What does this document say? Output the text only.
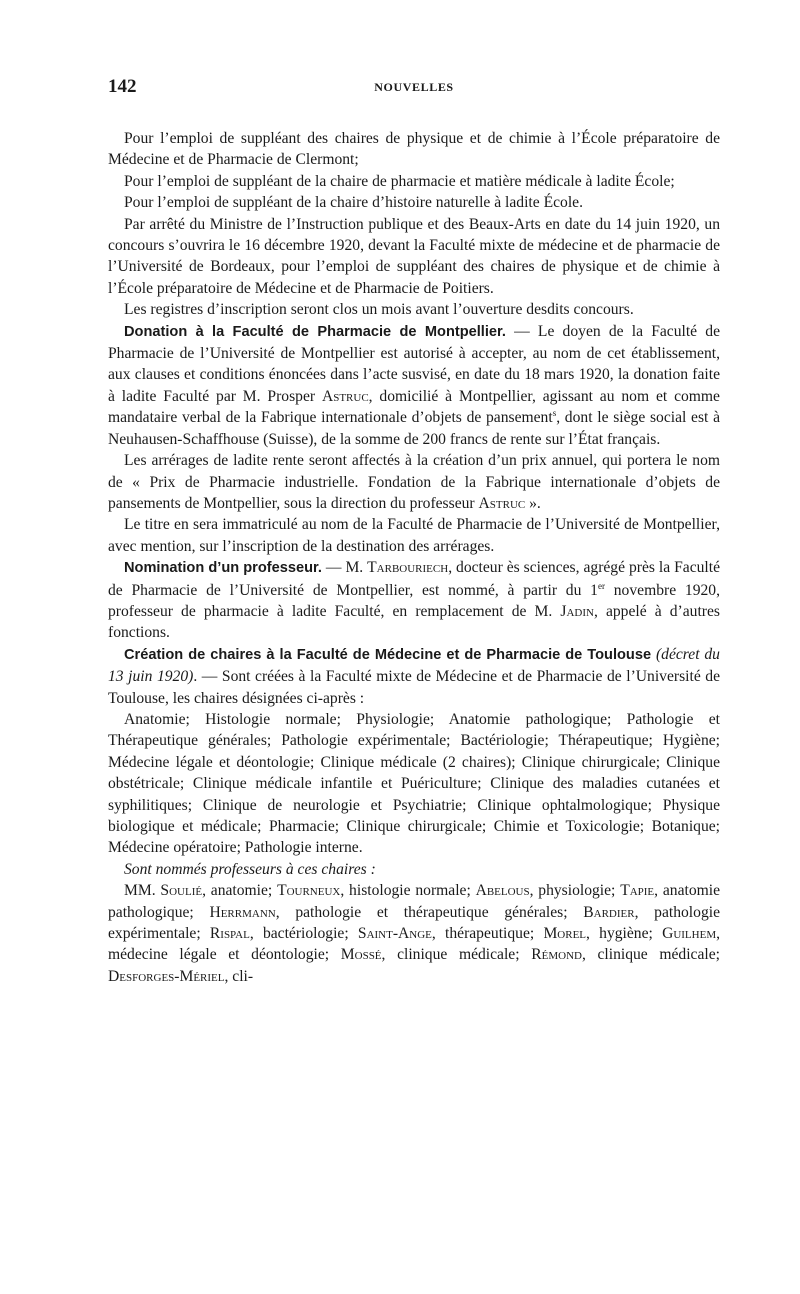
142	NOUVELLES

Pour l’emploi de suppléant des chaires de physique et de chimie à l’École préparatoire de Médecine et de Pharmacie de Clermont;

Pour l’emploi de suppléant de la chaire de pharmacie et matière médicale à ladite École;

Pour l’emploi de suppléant de la chaire d’histoire naturelle à ladite École.

Par arrêté du Ministre de l’Instruction publique et des Beaux-Arts en date du 14 juin 1920, un concours s’ouvrira le 16 décembre 1920, devant la Faculté mixte de médecine et de pharmacie de l’Université de Bordeaux, pour l’emploi de suppléant des chaires de physique et de chimie à l’École préparatoire de Médecine et de Pharmacie de Poitiers.

Les registres d’inscription seront clos un mois avant l’ouverture desdits concours.

Donation à la Faculté de Pharmacie de Montpellier. — Le doyen de la Faculté de Pharmacie de l’Université de Montpellier est autorisé à accepter, au nom de cet établissement, aux clauses et conditions énoncées dans l’acte susvisé, en date du 18 mars 1920, la donation faite à ladite Faculté par M. Prosper Astruc, domicilié à Montpellier, agissant au nom et comme mandataire verbal de la Fabrique internationale d’objets de pansement$^s$, dont le siège social est à Neuhausen-Schaffhouse (Suisse), de la somme de 200 francs de rente sur l’État français.

Les arrérages de ladite rente seront affectés à la création d’un prix annuel, qui portera le nom de « Prix de Pharmacie industrielle. Fondation de la Fabrique internationale d’objets de pansements de Montpellier, sous la direction du professeur Astruc ».

Le titre en sera immatriculé au nom de la Faculté de Pharmacie de l’Université de Montpellier, avec mention, sur l’inscription de la destination des arrérages.

Nomination d’un professeur. — M. Tarbouriech, docteur ès sciences, agrégé près la Faculté de Pharmacie de l’Université de Montpellier, est nommé, à partir du 1er novembre 1920, professeur de pharmacie à ladite Faculté, en remplacement de M. Jadin, appelé à d’autres fonctions.

Création de chaires à la Faculté de Médecine et de Pharmacie de Toulouse (décret du 13 juin 1920). — Sont créées à la Faculté mixte de Médecine et de Pharmacie de l’Université de Toulouse, les chaires désignées ci-après :

Anatomie; Histologie normale; Physiologie; Anatomie pathologique; Pathologie et Thérapeutique générales; Pathologie expérimentale; Bactériologie; Thérapeutique; Hygiène; Médecine légale et déontologie; Clinique médicale (2 chaires); Clinique chirurgicale; Clinique obstétricale; Clinique médicale infantile et Puériculture; Clinique des maladies cutanées et syphilitiques; Clinique de neurologie et Psychiatrie; Clinique ophtalmologique; Physique biologique et médicale; Pharmacie; Clinique chirurgicale; Chimie et Toxicologie; Botanique; Médecine opératoire; Pathologie interne.

Sont nommés professeurs à ces chaires :

MM. Soulié, anatomie; Tourneux, histologie normale; Abelous, physiologie; Tapie, anatomie pathologique; Herrmann, pathologie et thérapeutique générales; Bardier, pathologie expérimentale; Rispal, bactériologie; Saint-Ange, thérapeutique; Morel, hygiène; Guilhem, médecine légale et déontologie; Mossé, clinique médicale; Rémond, clinique médicale; Desforges-Mériel, cli-
